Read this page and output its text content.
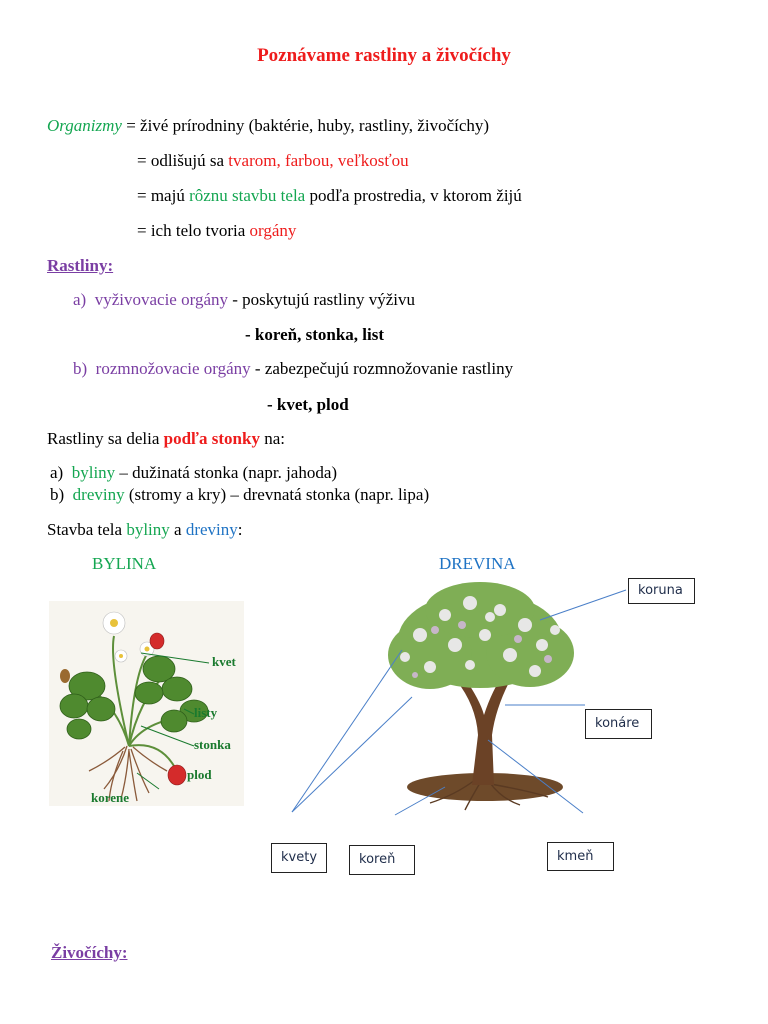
Poznávame rastliny a živočíchy
Organizmy = živé prírodniny (baktérie, huby, rastliny, živočíchy)
= odlišujú sa tvarom, farbou, veľkosťou
= majú rôznu stavbu tela podľa prostredia, v ktorom žijú
= ich telo tvoria orgány
Rastliny:
a) vyživovacie orgány - poskytujú rastliny výživu
- koreň, stonka, list
b) rozmnožovacie orgány - zabezpečujú rozmnožovanie rastliny
- kvet, plod
Rastliny sa delia podľa stonky na:
a) byliny – dužinatá stonka (napr. jahoda)
b) dreviny (stromy a kry) – drevnatá stonka (napr. lipa)
Stavba tela byliny a dreviny:
BYLINA	DREVINA
kvet
listy
stonka
plod
korene
koruna
konáre
kvety	koreň	kmeň
Živočíchy:
